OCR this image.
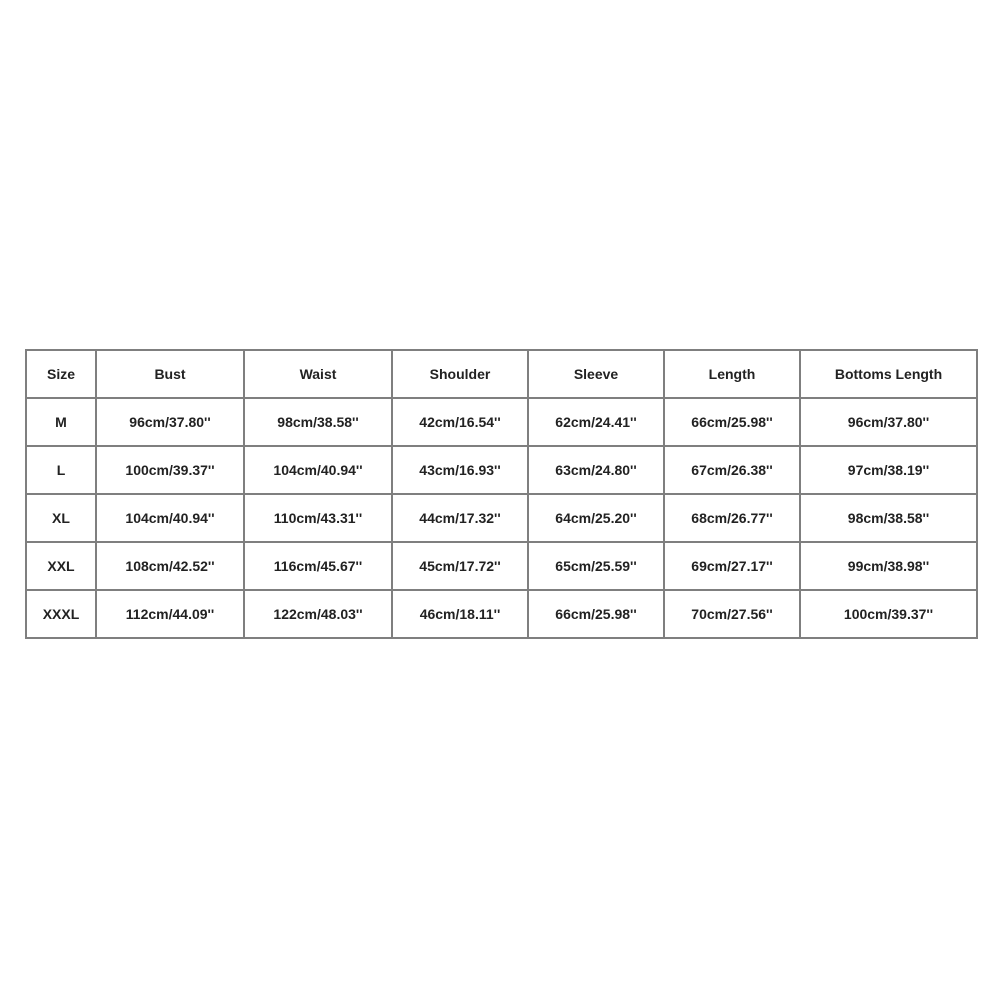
Size	Bust	Waist	Shoulder	Sleeve	Length	Bottoms Length
M	96cm/37.80''	98cm/38.58''	42cm/16.54''	62cm/24.41''	66cm/25.98''	96cm/37.80''
L	100cm/39.37''	104cm/40.94''	43cm/16.93''	63cm/24.80''	67cm/26.38''	97cm/38.19''
XL	104cm/40.94''	110cm/43.31''	44cm/17.32''	64cm/25.20''	68cm/26.77''	98cm/38.58''
XXL	108cm/42.52''	116cm/45.67''	45cm/17.72''	65cm/25.59''	69cm/27.17''	99cm/38.98''
XXXL	112cm/44.09''	122cm/48.03''	46cm/18.11''	66cm/25.98''	70cm/27.56''	100cm/39.37''
